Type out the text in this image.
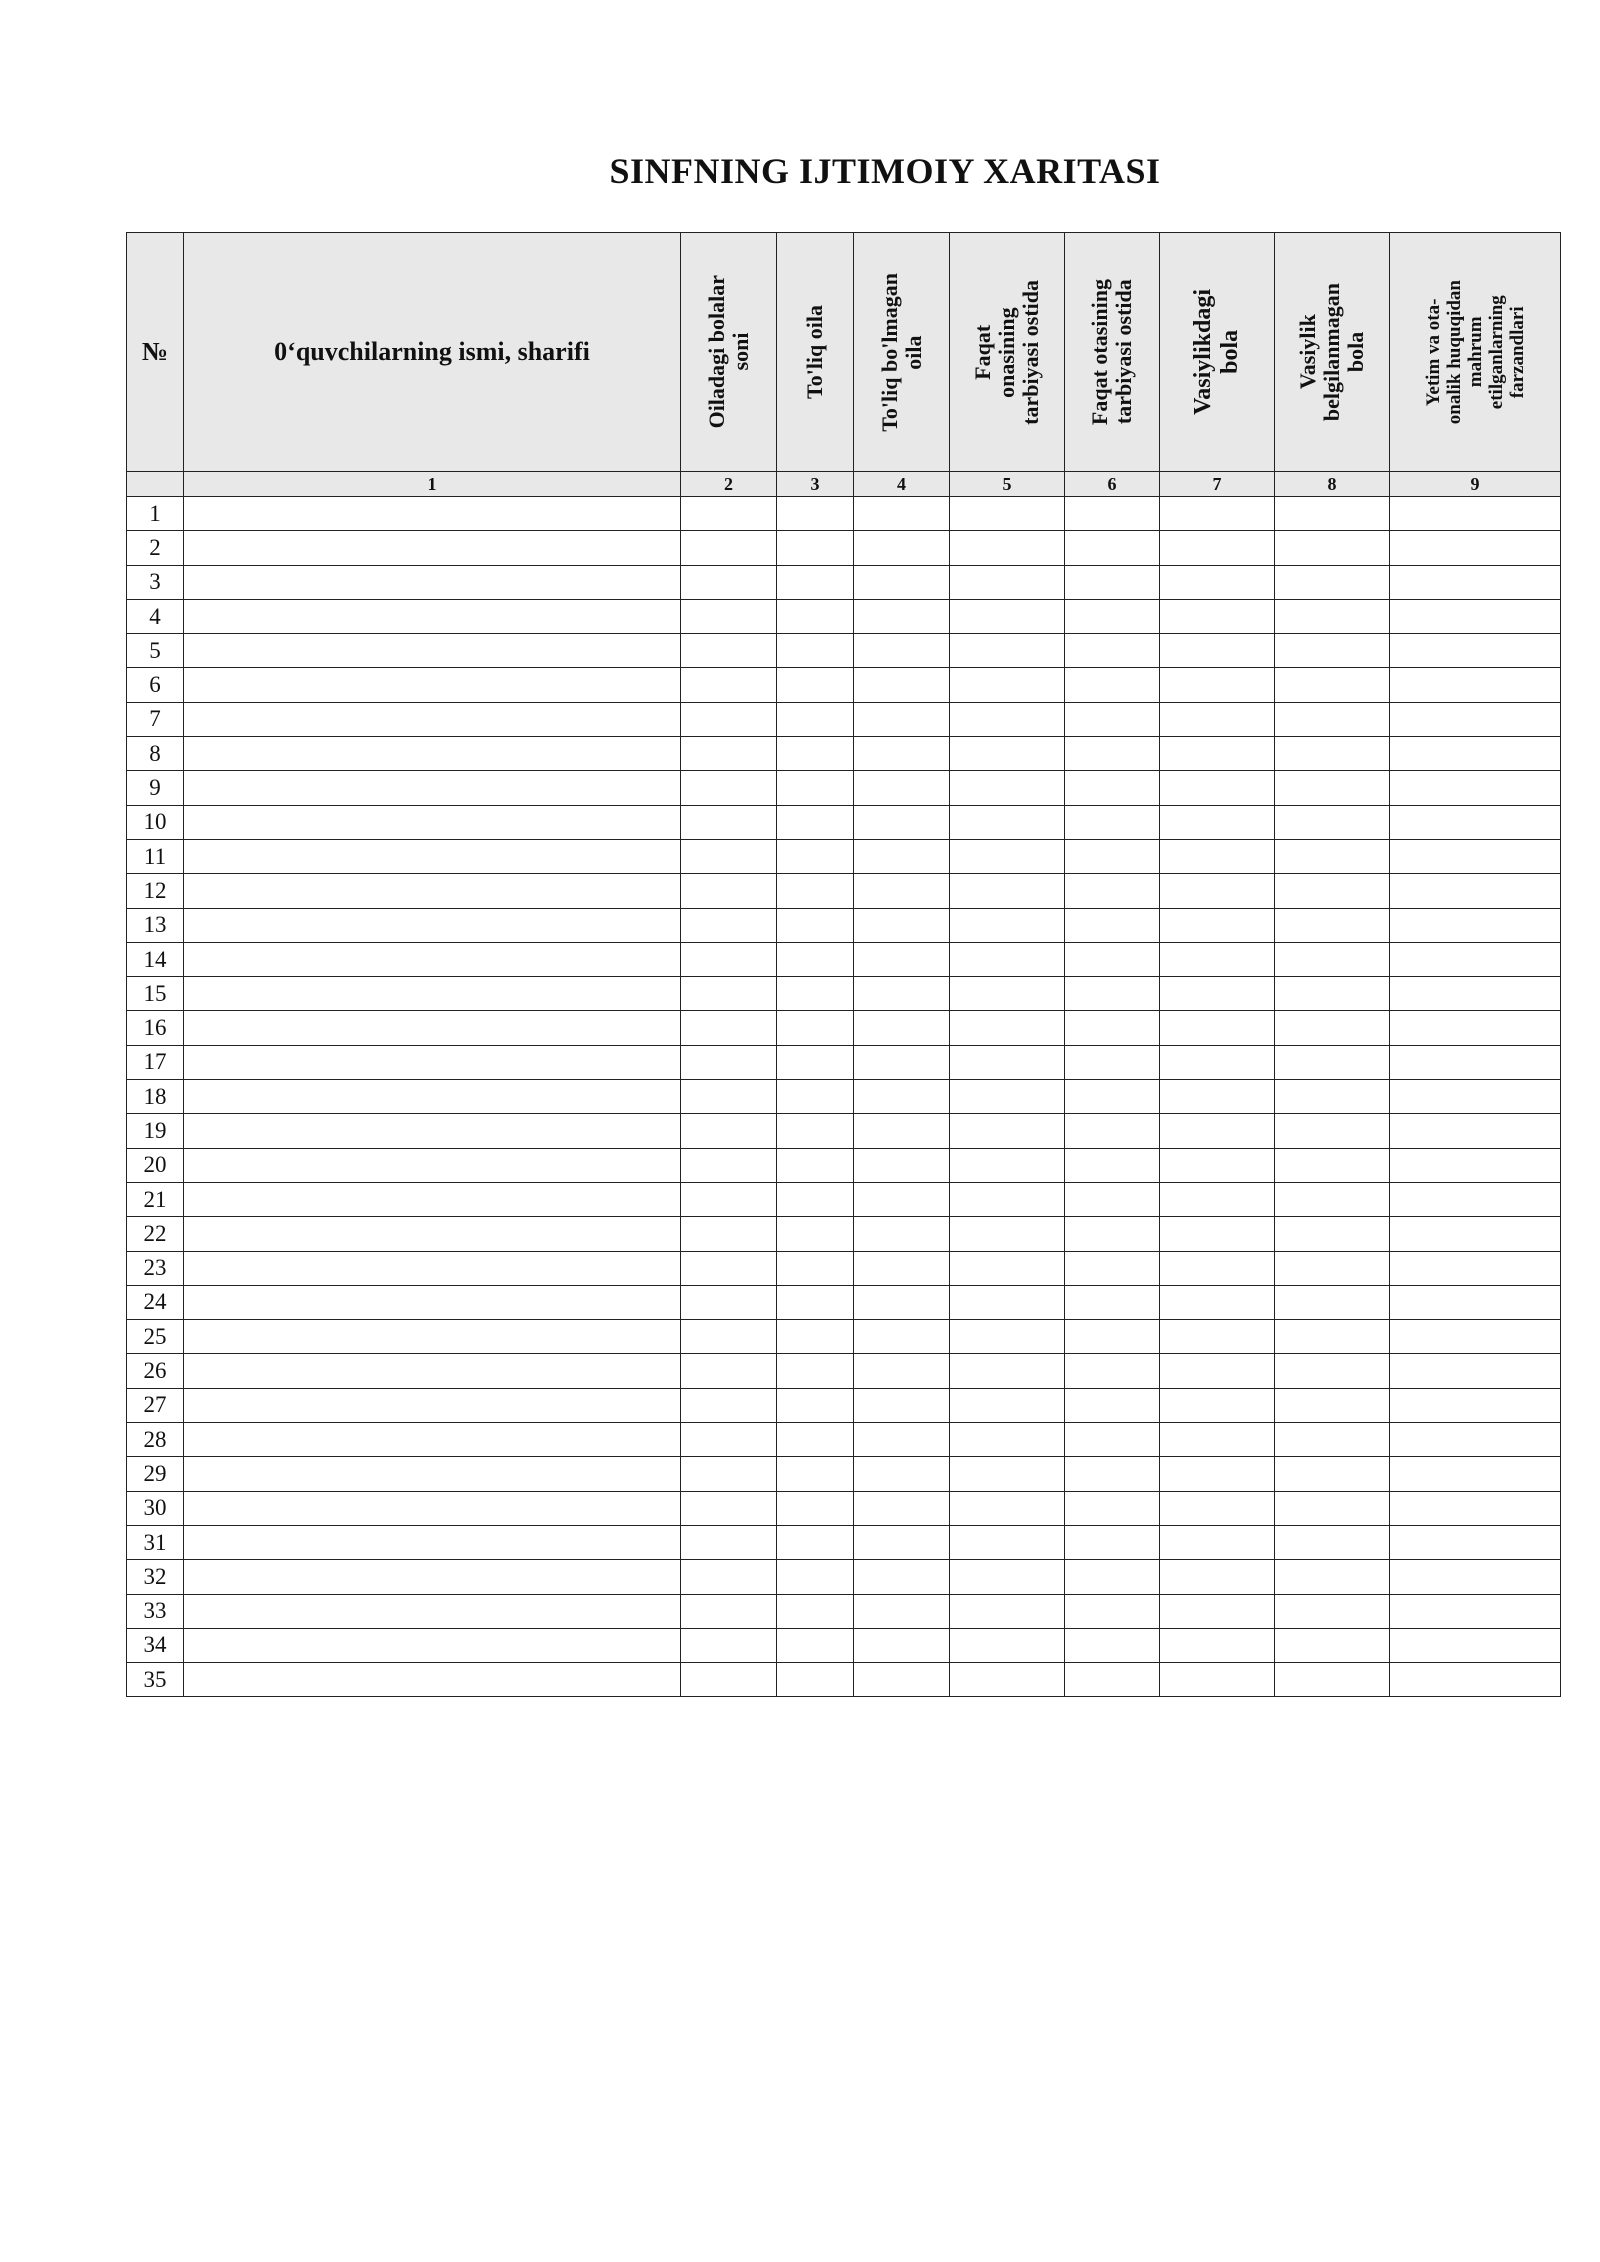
SINFNING IJTIMOIY XARITASI
№	0‘quvchilarning ismi, sharifi	Oiladagi bolalar soni	To'liq oila	To'liq bo'lmagan oila	Faqat onasining tarbiyasi ostida	Faqat otasining tarbiyasi ostida	Vasiylikdagi bola	Vasiylik belgilanmagan bola	Yetim va ota- onalik huquqidan mahrum etilganlarning farzandlari

	1	2	3	4	5	6	7	8	9
1									
2									
3									
4									
5									
6									
7									
8									
9									
10									
11									
12									
13									
14									
15									
16									
17									
18									
19									
20									
21									
22									
23									
24									
25									
26									
27									
28									
29									
30									
31									
32									
33									
34									
35									
